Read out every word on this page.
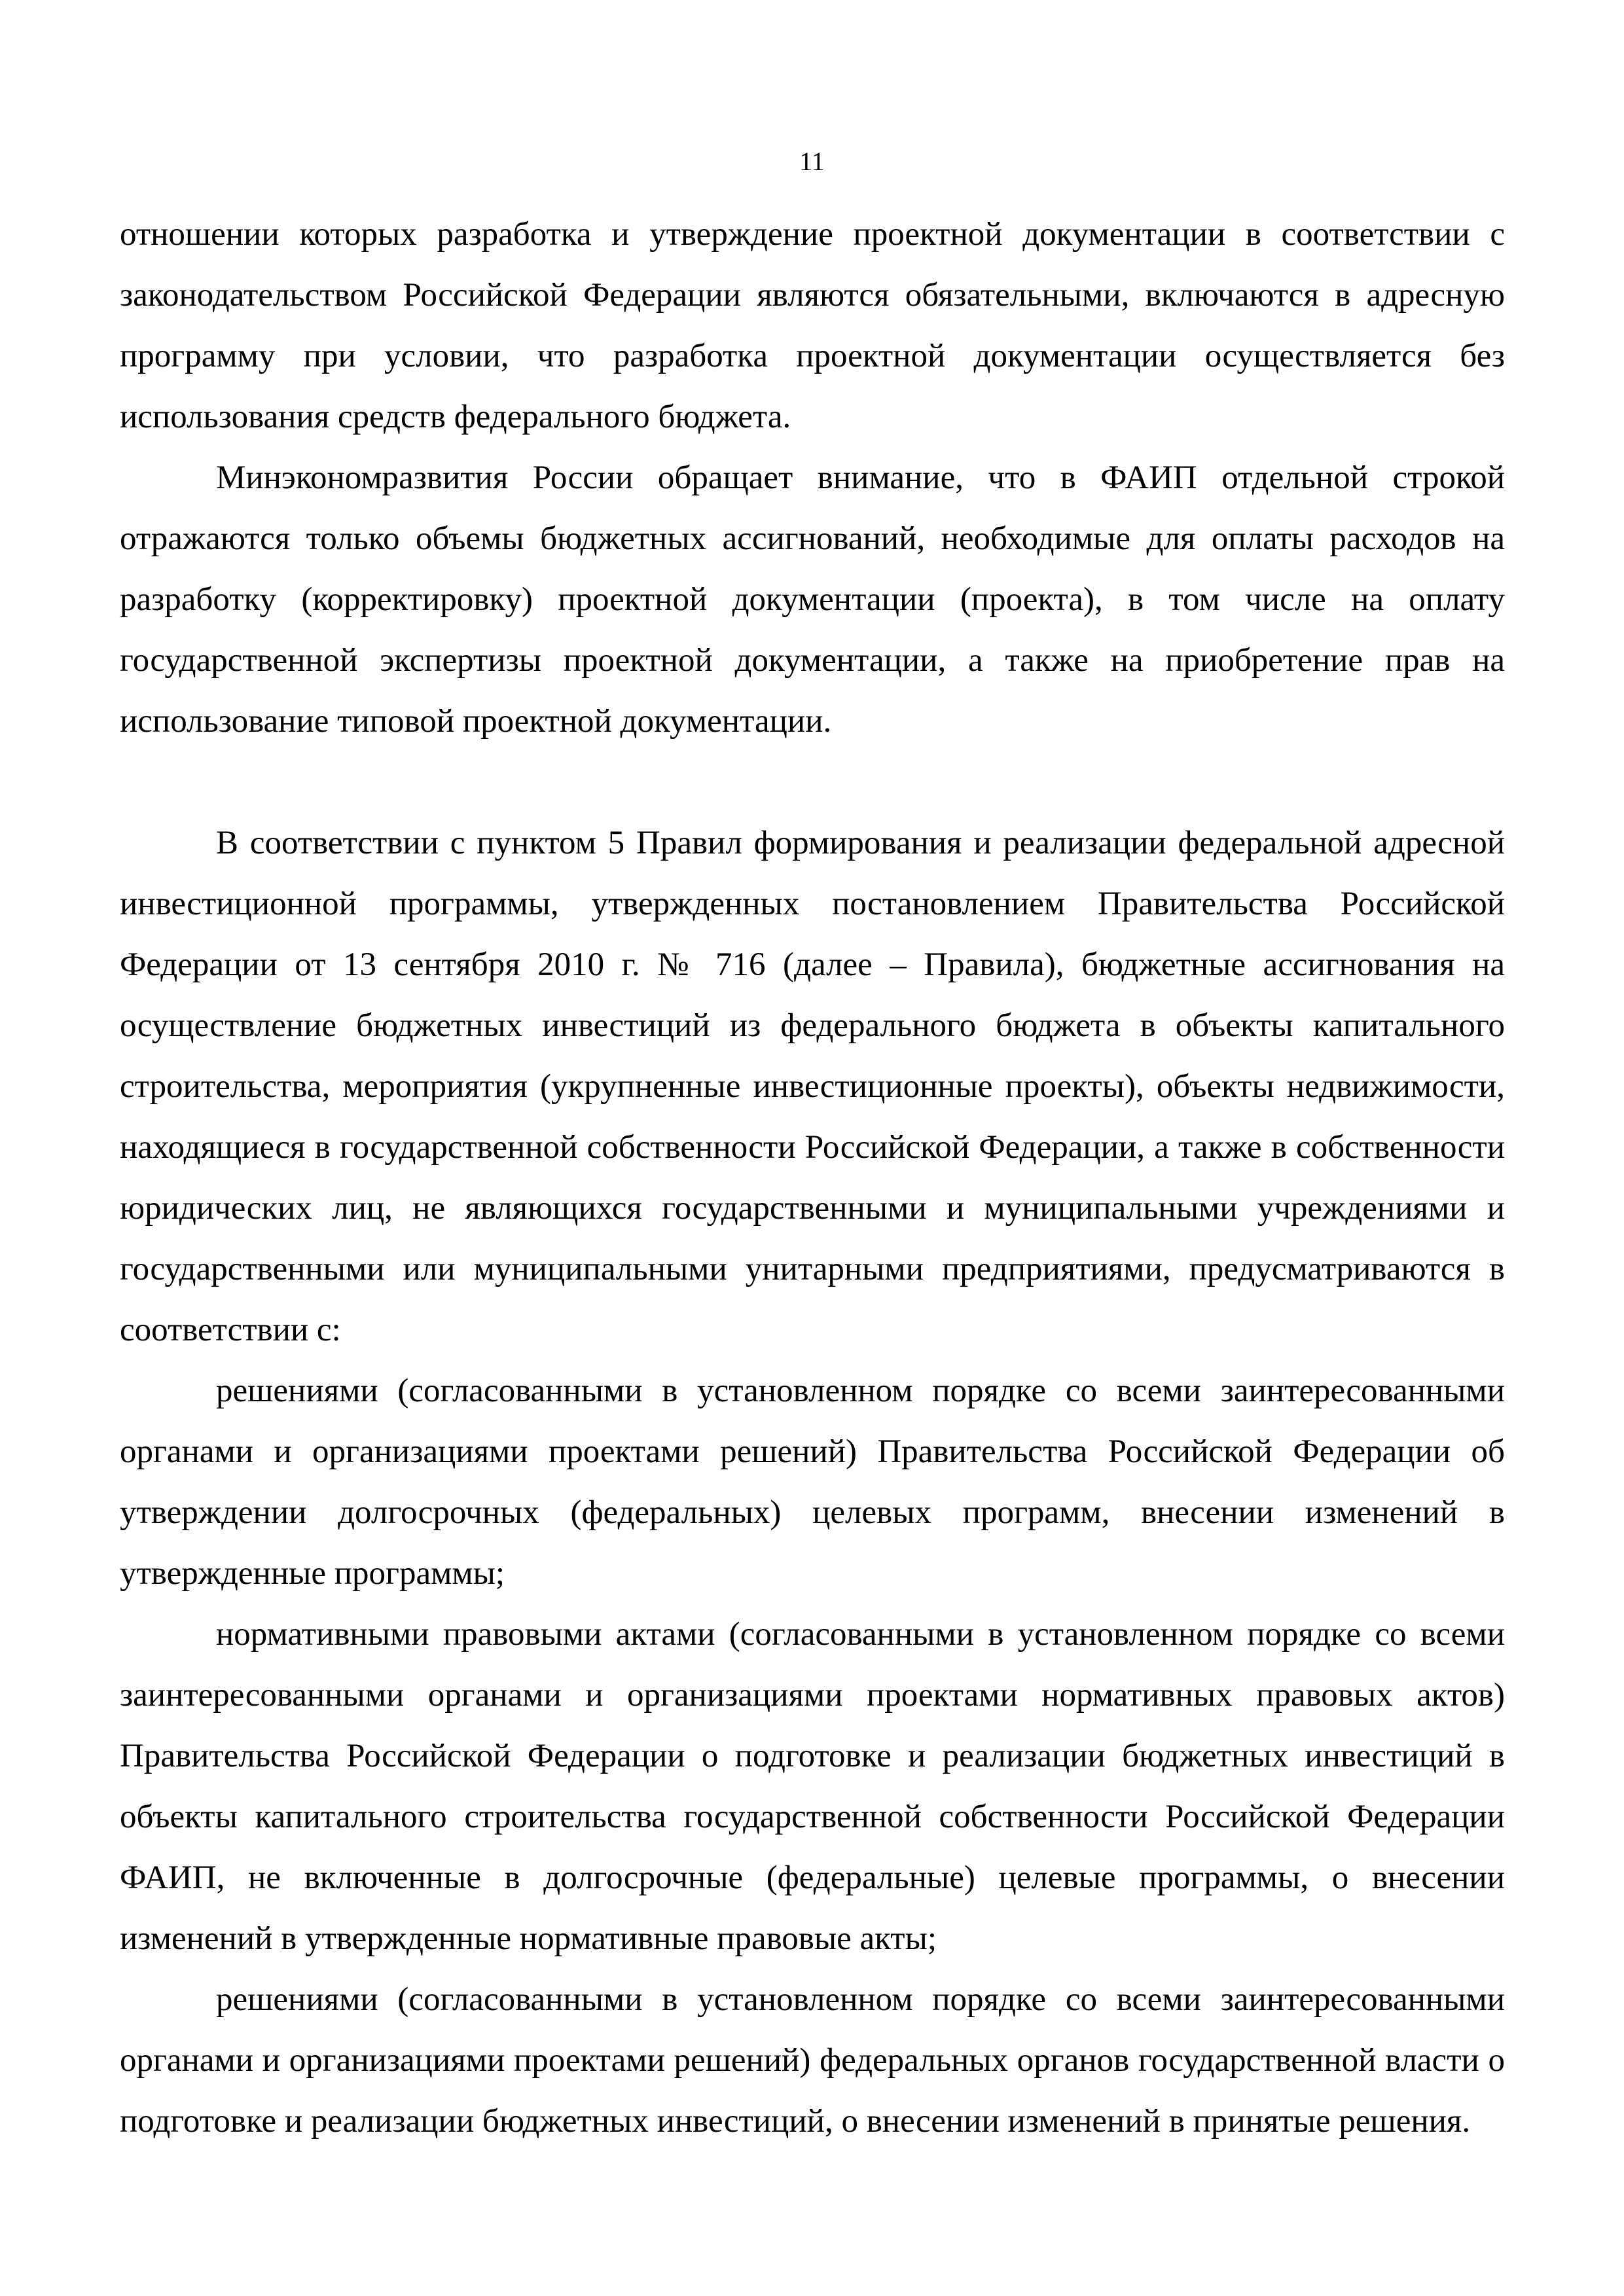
11

отношении которых разработка и утверждение проектной документации в соответствии с законодательством Российской Федерации являются обязательными, включаются в адресную программу при условии, что разработка проектной документации осуществляется без использования средств федерального бюджета.

Минэкономразвития России обращает внимание, что в ФАИП отдельной строкой отражаются только объемы бюджетных ассигнований, необходимые для оплаты расходов на разработку (корректировку) проектной документации (проекта), в том числе на оплату государственной экспертизы проектной документации, а также на приобретение прав на использование типовой проектной документации.

В соответствии с пунктом 5 Правил формирования и реализации федеральной адресной инвестиционной программы, утвержденных постановлением Правительства Российской Федерации от 13 сентября 2010 г. № 716 (далее – Правила), бюджетные ассигнования на осуществление бюджетных инвестиций из федерального бюджета в объекты капитального строительства, мероприятия (укрупненные инвестиционные проекты), объекты недвижимости, находящиеся в государственной собственности Российской Федерации, а также в собственности юридических лиц, не являющихся государственными и муниципальными учреждениями и государственными или муниципальными унитарными предприятиями, предусматриваются в соответствии с:

решениями (согласованными в установленном порядке со всеми заинтересованными органами и организациями проектами решений) Правительства Российской Федерации об утверждении долгосрочных (федеральных) целевых программ, внесении изменений в утвержденные программы;

нормативными правовыми актами (согласованными в установленном порядке со всеми заинтересованными органами и организациями проектами нормативных правовых актов) Правительства Российской Федерации о подготовке и реализации бюджетных инвестиций в объекты капитального строительства государственной собственности Российской Федерации ФАИП, не включенные в долгосрочные (федеральные) целевые программы, о внесении изменений в утвержденные нормативные правовые акты;

решениями (согласованными в установленном порядке со всеми заинтересованными органами и организациями проектами решений) федеральных органов государственной власти о подготовке и реализации бюджетных инвестиций, о внесении изменений в принятые решения.
